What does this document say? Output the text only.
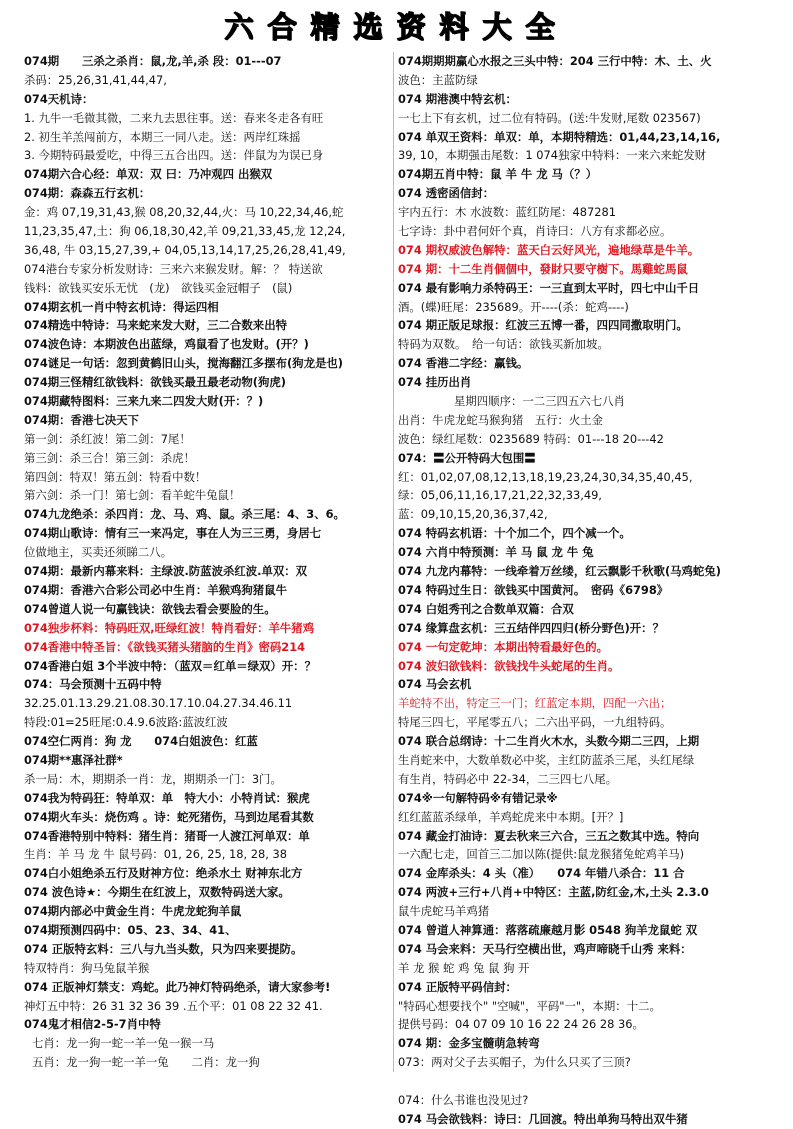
六合精选资料大全
074期　　三杀之杀肖：鼠,龙,羊,杀 段：01---07
杀码：25,26,31,41,44,47,
074天机诗：
1. 九牛一毛微其微，二来九去思往事。送：春来冬走各有旺
2. 初生羊羔闯前方，本期三一同八走。送：两岸红珠摇
3. 今期特码最爱吃，中得三五合出四。送：伴鼠为为误已身
074期六合心经：单双：双 曰：乃冲观四 出猴双
074期：森森五行玄机：
金：鸡 07,19,31,43,猴 08,20,32,44,火：马 10,22,34,46,蛇
11,23,35,47,土：狗 06,18,30,42,羊 09,21,33,45,龙 12,24,
36,48, 牛 03,15,27,39,+ 04,05,13,14,17,25,26,28,41,49,
074港台专家分析发财诗：三来六来猴发财。解：？ 特送欲
钱料：欲钱买安乐无忧　(龙)　欲钱买金冠帽子　(鼠)
074期玄机一肖中特玄机诗：得运四相
074精选中特诗：马来蛇来发大财，三二合数来出特
074波色诗：本期波色出蓝绿，鸡鼠看了也发财。(开？)
074谜足一句话：忽到黄鹤旧山头，搅海翻江多摆布(狗龙是也)
074期三怪精红欲钱料：欲钱买最丑最老动物(狗虎)
074期藏特图料：三来九来二四发大财(开：？)
074期：香港七决天下
第一剑：杀红波！第二剑：7尾！
第三剑：杀三合！第三剑：杀虎！
第四剑：特双！第五剑：特看中数！
第六剑：杀一门！第七剑：看羊蛇牛兔鼠！
074九龙绝杀：杀四肖：龙、马、鸡、鼠。杀三尾：4、3、6。
074期山歌诗：情有三一来冯定，事在人为三三勇，身居七
位做地主，买卖还须睇二八。
074期：最新内幕来料：主绿波.防蓝波杀红波.单双：双
074期：香港六合彩公司必中生肖：羊猴鸡狗猪鼠牛
074曾道人说一句赢钱诀：欲钱去看会要脸的生。
074独步杯料：特码旺双,旺绿红波！特肖看好：羊牛猪鸡
074香港中特圣旨：《欲钱买猪头猪脑的生肖》密码214
074香港白姐 3个半波中特：（蓝双＝红单＝绿双）开：？
074：马会预测十五码中特
32.25.01.13.29.21.08.30.17.10.04.27.34.46.11
特段:01=25旺尾:0.4.9.6波路:蓝波红波
074空仁两肖：狗 龙　　074白姐波色：红蓝
074期**惠泽社群*
杀一局：木，期期杀一肖：龙，期期杀一门：3门。
074我为特码狂：特单双：单　特大小：小特肖试：猴虎
074期火车头：烧伤鸡 。诗：蛇死猪伤，马到边尾看其数
074香港特别中特料：猪生肖：猪哥一人渡江河单双：单
生肖：羊 马 龙 牛 鼠号码：01, 26, 25, 18, 28, 38
074白小姐绝杀五行及财神方位：绝杀水土 财神东北方
074 波色诗★：今期生在红波上，双数特码送大家。
074期内部必中黄金生肖：牛虎龙蛇狗羊鼠
074期预测四码中：05、23、34、41、
074 正版特玄料：三八与九当头数，只为四来要提防。
特双特肖：狗马兔鼠羊猴
074 正版神灯禁支：鸡蛇。此乃神灯特码绝杀，请大家参考!
神灯五中特：26 31 32 36 39 .五个平：01 08 22 32 41.
074鬼才相信2-5-7肖中特
七肖：龙一狗一蛇一羊一兔一猴一马
五肖：龙一狗一蛇一羊一兔　　二肖：龙一狗
074期期期赢心水报之三头中特：204 三行中特：木、土、火
波色：主蓝防绿
074 期港澳中特玄机：
一七上下有玄机，过二位有特码。(送:牛发财,尾数 023567)
074 单双王资料：单双：单，本期特精选：01,44,23,14,16,
39, 10，本期强击尾数：1 074独家中特料：一来六来蛇发财
074期五肖中特：鼠 羊 牛 龙 马（？）
074 透密函信封：
宇内五行：木 水波数：蓝红防尾：487281
七字诗：卦中君何奸个真，肖诗曰：八方有求都必应。
074 期权威波色解特：蓝天白云好风光，遍地绿草是牛羊。
074 期：十二生肖個個中，發財只要守樹下。馬雞蛇馬鼠
074 最有影响力杀特码王：一三直到太平时，四七中山千日
酒。(蝶)旺尾：235689。开----(杀：蛇鸡----)
074 期正版足球报：红波三五博一番，四四同撒取明门。
特码为双数。　给一句话：欲钱买新加坡。
074 香港二字经：赢钱。
074 挂历出肖
星期四顺序：一二三四五六七八肖
出肖：牛虎龙蛇马猴狗猪　五行：火土金
波色：绿红尾数：0235689 特码：01---18 20---42
074：〓公开特码大包围〓
红：01,02,07,08,12,13,18,19,23,24,30,34,35,40,45,
绿：05,06,11,16,17,21,22,32,33,49,
蓝：09,10,15,20,36,37,42,
074 特码玄机语：十个加二个，四个减一个。
074 六肖中特预测：羊 马 鼠 龙 牛 兔
074 九龙内幕特：一线牵着万丝缕，红云飘影千秋歌(马鸡蛇兔)
074 特码过生日：欲钱买中国黄河。　密码《6798》
074 白姐秀刊之合数单双篇：合双
074 缘算盘玄机：三五结伴四四归(桥分野色)开：？
074 一句定乾坤：本期出特看最好色的。
074 波妇欲钱料：欲钱找牛头蛇尾的生肖。
074 马会玄机
羊蛇特不出，特定三一门；红蓝定本期，四配一六出；
特尾三四七，平尾零五八；二六出平码，一九组特码。
074 联合总纲诗：十二生肖火木水，头数今期二三四，上期
生肖蛇来中，大数单数必中奖，主红防蓝杀三尾，头红尾绿
有生肖，特码必中 22-34，二三四七八尾。
074※一句解特码※有错记录※
红红蓝蓝杀绿单，羊鸡蛇虎来中本期。[开？]
074 藏金打油诗：夏去秋来三六合，三五之数其中选。特向
一六配七走，回首三二加以陈(提供:鼠龙猴猪兔蛇鸡羊马)
074 金库杀头：4 头（准）　　074 年错八杀合：11 合
074 两波+三行+八肖+中特区：主蓝,防红金,木,土头 2.3.0
鼠牛虎蛇马羊鸡猪
074 曾道人神算通：落落疏廉越月影 0548 狗羊龙鼠蛇 双
074 马会来料：天马行空横出世，鸡声啼晓千山秀 来料：
羊 龙 猴 蛇 鸡 兔 鼠 狗 开
074 正版特平码信封：
"特码心想要找个" "空喊"，平码"一"，本期：十二。
提供号码：04 07 09 10 16 22 24 26 28 36。
074 期：金多宝髓萌急转弯
073：两对父子去买帽子，为什么只买了三顶?
074：什么书谁也没见过?
074 马会欲钱料：诗曰：几回渡。特出单狗马特出双牛猪
